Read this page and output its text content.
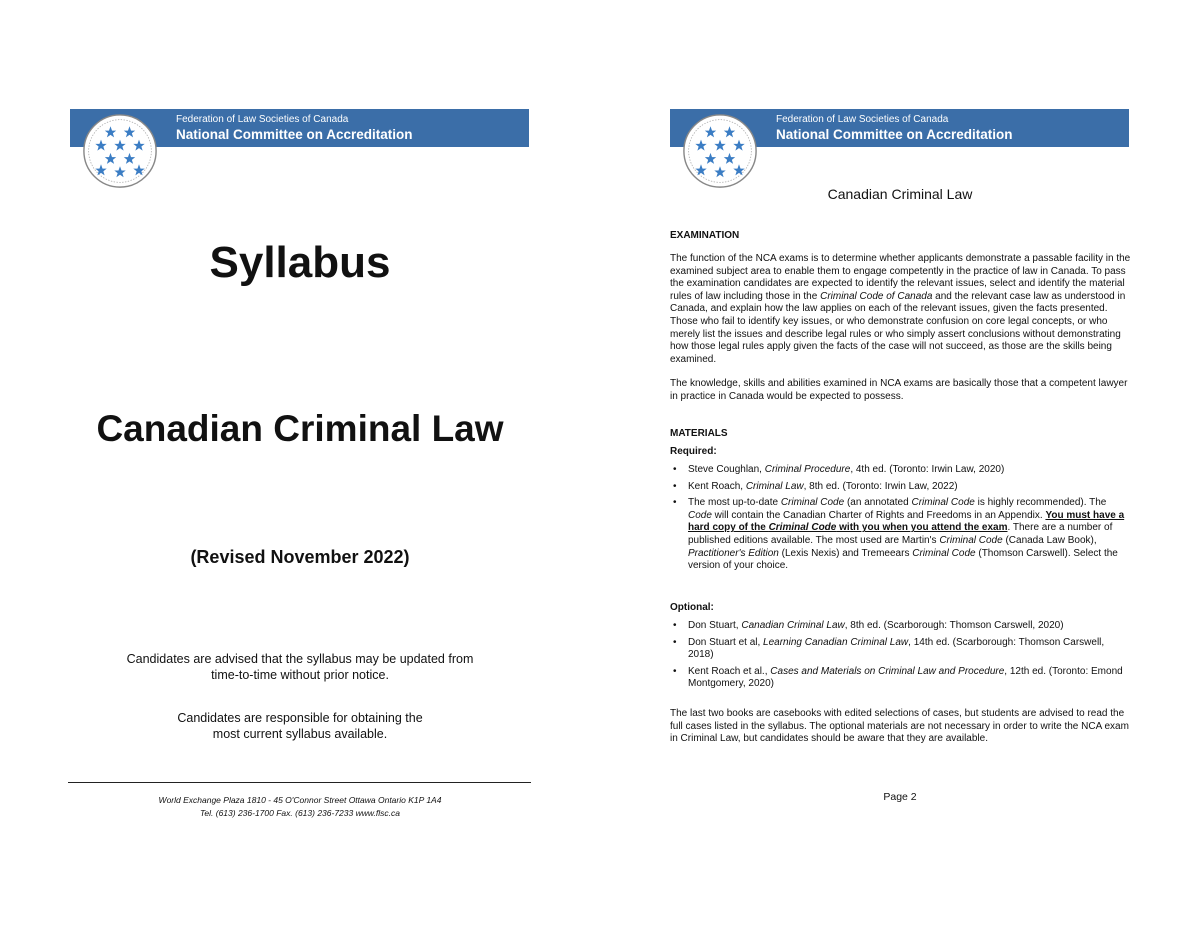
Federation of Law Societies of Canada
National Committee on Accreditation
Syllabus
Canadian Criminal Law
(Revised November 2022)
Candidates are advised that the syllabus may be updated from
time-to-time without prior notice.
Candidates are responsible for obtaining the
most current syllabus available.
World Exchange Plaza 1810 - 45 O'Connor Street Ottawa Ontario K1P 1A4
Tel. (613) 236-1700 Fax. (613) 236-7233 www.flsc.ca
Federation of Law Societies of Canada
National Committee on Accreditation
Canadian Criminal Law
EXAMINATION

The function of the NCA exams is to determine whether applicants demonstrate a passable facility in the examined subject area to enable them to engage competently in the practice of law in Canada. To pass the examination candidates are expected to identify the relevant issues, select and identify the material rules of law including those in the Criminal Code of Canada and the relevant case law as understood in Canada, and explain how the law applies on each of the relevant issues, given the facts presented. Those who fail to identify key issues, or who demonstrate confusion on core legal concepts, or who merely list the issues and describe legal rules or who simply assert conclusions without demonstrating how those legal rules apply given the facts of the case will not succeed, as those are the skills being examined.

The knowledge, skills and abilities examined in NCA exams are basically those that a competent lawyer in practice in Canada would be expected to possess.

MATERIALS
Required:
• Steve Coughlan, Criminal Procedure, 4th ed. (Toronto: Irwin Law, 2020)
• Kent Roach, Criminal Law, 8th ed. (Toronto: Irwin Law, 2022)
• The most up-to-date Criminal Code (an annotated Criminal Code is highly recommended). The Code will contain the Canadian Charter of Rights and Freedoms in an Appendix. You must have a hard copy of the Criminal Code with you when you attend the exam. There are a number of published editions available. The most used are Martin's Criminal Code (Canada Law Book), Practitioner's Edition (Lexis Nexis) and Tremeears Criminal Code (Thomson Carswell). Select the version of your choice.
Optional:
• Don Stuart, Canadian Criminal Law, 8th ed. (Scarborough: Thomson Carswell, 2020)
• Don Stuart et al, Learning Canadian Criminal Law, 14th ed. (Scarborough: Thomson Carswell, 2018)
• Kent Roach et al., Cases and Materials on Criminal Law and Procedure, 12th ed. (Toronto: Emond Montgomery, 2020)

The last two books are casebooks with edited selections of cases, but students are advised to read the full cases listed in the syllabus. The optional materials are not necessary in order to write the NCA exam in Criminal Law, but candidates should be aware that they are available.

Page 2
